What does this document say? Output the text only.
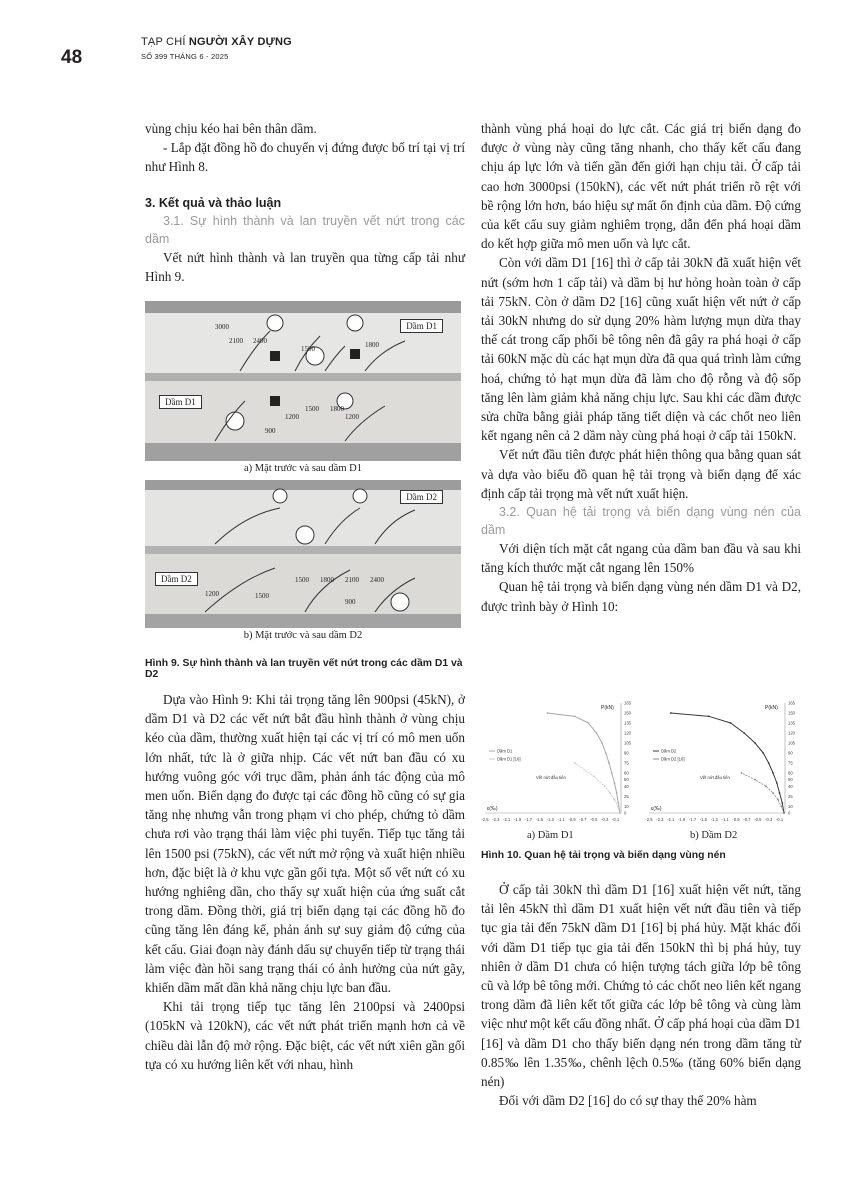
48
TẠP CHÍ NGƯỜI XÂY DỰNG
SỐ 399 THÁNG 6 - 2025

vùng chịu kéo hai bên thân dầm.

- Lắp đặt đồng hồ đo chuyển vị đứng được bố trí tại vị trí như Hình 8.

3. Kết quả và thảo luận

3.1. Sự hình thành và lan truyền vết nứt trong các dầm

Vết nứt hình thành và lan truyền qua từng cấp tải như Hình 9.

Dầm D1
Dầm D1
3000
2100 2400
1500	1800
1500 1800
1200	1200
900
a) Mặt trước và sau dầm D1
Dầm D2
Dầm D2	1500 1800 2100 2400
1200	1500
900
b) Mặt trước và sau dầm D2
Hình 9. Sự hình thành và lan truyền vết nứt trong các dầm D1 và D2

Dựa vào Hình 9: Khi tải trọng tăng lên 900psi (45kN), ở dầm D1 và D2 các vết nứt bắt đầu hình thành ở vùng chịu kéo của dầm, thường xuất hiện tại các vị trí có mô men uốn lớn nhất, tức là ở giữa nhịp. Các vết nứt ban đầu có xu hướng vuông góc với trục dầm, phản ánh tác động của mô men uốn. Biến dạng đo được tại các đồng hồ cũng có sự gia tăng nhẹ nhưng vẫn trong phạm vi cho phép, chứng tỏ dầm chưa rơi vào trạng thái làm việc phi tuyến. Tiếp tục tăng tải lên 1500 psi (75kN), các vết nứt mở rộng và xuất hiện nhiều hơn, đặc biệt là ở khu vực gần gối tựa. Một số vết nứt có xu hướng nghiêng dần, cho thấy sự xuất hiện của ứng suất cắt trong dầm. Đồng thời, giá trị biến dạng tại các đồng hồ đo cũng tăng lên đáng kể, phản ánh sự suy giảm độ cứng của kết cấu. Giai đoạn này đánh dấu sự chuyển tiếp từ trạng thái làm việc đàn hồi sang trạng thái có ảnh hưởng của nứt gãy, khiến dầm mất dần khả năng chịu lực ban đầu.

Khi tải trọng tiếp tục tăng lên 2100psi và 2400psi (105kN và 120kN), các vết nứt phát triển mạnh hơn cả về chiều dài lẫn độ mở rộng. Đặc biệt, các vết nứt xiên gần gối tựa có xu hướng liên kết với nhau, hình

thành vùng phá hoại do lực cắt. Các giá trị biến dạng đo được ở vùng này cũng tăng nhanh, cho thấy kết cấu đang chịu áp lực lớn và tiến gần đến giới hạn chịu tải. Ở cấp tải cao hơn 3000psi (150kN), các vết nứt phát triển rõ rệt với bề rộng lớn hơn, báo hiệu sự mất ổn định của dầm. Độ cứng của kết cấu suy giảm nghiêm trọng, dẫn đến phá hoại dầm do kết hợp giữa mô men uốn và lực cắt.

Còn với dầm D1 [16] thì ở cấp tải 30kN đã xuất hiện vết nứt (sớm hơn 1 cấp tải) và dầm bị hư hỏng hoàn toàn ở cấp tải 75kN. Còn ở dầm D2 [16] cũng xuất hiện vết nứt ở cấp tải 30kN nhưng do sử dụng 20% hàm lượng mụn dừa thay thế cát trong cấp phối bê tông nên đã gây ra phá hoại ở cấp tải 60kN mặc dù các hạt mụn dừa đã qua quá trình làm cứng hoá, chứng tỏ hạt mụn dừa đã làm cho độ rỗng và độ sốp tăng lên làm giảm khả năng chịu lực. Sau khi các dầm được sửa chữa bằng giải pháp tăng tiết diện và các chốt neo liên kết ngang nên cả 2 dầm này cùng phá hoại ở cấp tải 150kN.

Vết nứt đầu tiên được phát hiện thông qua bằng quan sát và dựa vào biểu đồ quan hệ tải trọng và biến dạng để xác định cấp tải trọng mà vết nứt xuất hiện.

3.2. Quan hệ tải trọng và biến dạng vùng nén của dầm

Với diện tích mặt cắt ngang của dầm ban đầu và sau khi tăng kích thước mặt cắt ngang lên 150%

Quan hệ tải trọng và biến dạng vùng nén dầm D1 và D2, được trình bày ở Hình 10:

-2.5 -2.3 -2.1 -1.9 -1.7 -1.5 -1.3 -1.1 -0.9 -0.7 -0.5 -0.3 -0.1
0
10
25
40
50
60
75
90
105
120
135
150
165
P(kN)
ε(‰)
Dầm D1
Dầm D1 [16]
Vết nứt đầu tiên
-2.5 -2.3 -2.1 -1.9 -1.7 -1.5 -1.3 -1.1 -0.9 -0.7 -0.5 -0.3 -0.1
0
10
25
40
50
60
75
90
105
120
135
150
165
P(kN)
ε(‰)
Dầm D2
Dầm D2 [16]
Vết nứt đầu tiên
a) Dầm D1	b) Dầm D2
Hình 10. Quan hệ tải trọng và biến dạng vùng nén

Ở cấp tải 30kN thì dầm D1 [16] xuất hiện vết nứt, tăng tải lên 45kN thì dầm D1 xuất hiện vết nứt đầu tiên và tiếp tục gia tải đến 75kN dầm D1 [16] bị phá hủy. Mặt khác đối với dầm D1 tiếp tục gia tải đến 150kN thì bị phá hủy, tuy nhiên ở dầm D1 chưa có hiện tượng tách giữa lớp bê tông cũ và lớp bê tông mới. Chứng tỏ các chốt neo liên kết ngang trong dầm đã liên kết tốt giữa các lớp bê tông và cùng làm việc như một kết cấu đồng nhất. Ở cấp phá hoại của dầm D1 [16] và dầm D1 cho thấy biến dạng nén trong dầm tăng từ 0.85‰ lên 1.35‰, chênh lệch 0.5‰ (tăng 60% biến dạng nén)

Đối với dầm D2 [16] do có sự thay thế 20% hàm
